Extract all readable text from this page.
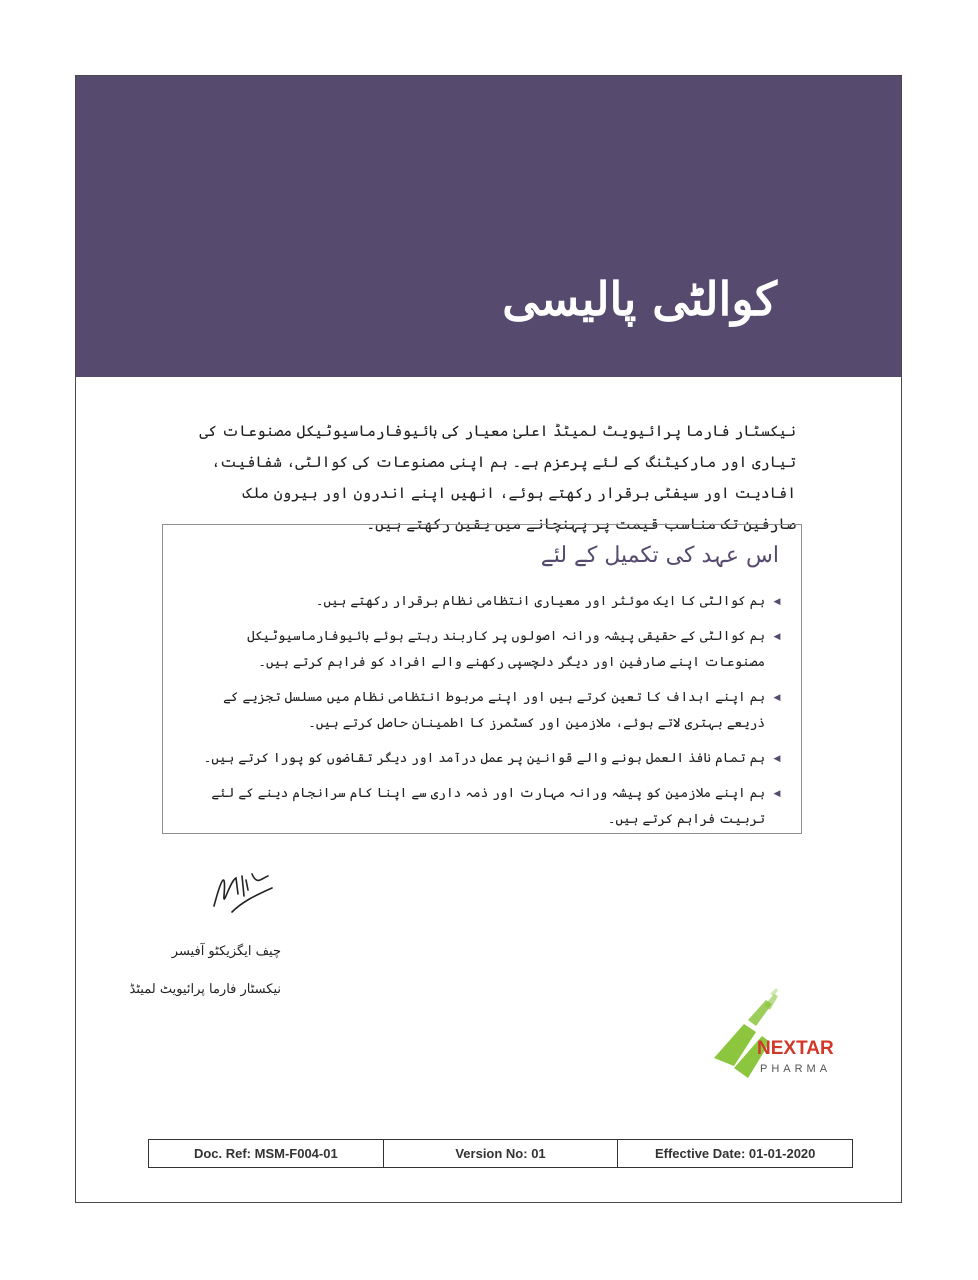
کوالٹی پالیسی
نیکسٹار فارما پرائیویٹ لمیٹڈ اعلیٰ معیار کی بائیوفارماسیوٹیکل مصنوعات کی تیاری اور مارکیٹنگ کے لئے پرعزم ہے۔ ہم اپنی مصنوعات کی کوالٹی، شفافیت، افادیت اور سیفٹی برقرار رکھتے ہوئے، انھیں اپنے اندرون اور بیرونِ ملک صارفین تک مناسب قیمت پر پہنچانے میں یقین رکھتے ہیں۔
اس عہد کی تکمیل کے لئے
◀
ہم کوالٹی کا ایک موئثر اور معیاری انتظامی نظام برقرار رکھتے ہیں۔
◀
ہم کوالٹی کے حقیقی پیشہ ورانہ اصولوں پر کاربند رہتے ہوئے بائیوفارماسیوٹیکل مصنوعات اپنے صارفین اور دیگر دلچسپی رکھنے والے افراد کو فراہم کرتے ہیں۔
◀
ہم اپنے اہداف کا تعین کرتے ہیں اور اپنے مربوط انتظامی نظام میں مسلسل تجزیے کے ذریعے بہتری لاتے ہوئے، ملازمین اور کسٹمرز کا اطمینان حاصل کرتے ہیں۔
◀
ہم تمام نافذ العمل ہونے والے قوانین پر عمل درآمد اور دیگر تقاضوں کو پورا کرتے ہیں۔
◀
ہم اپنے ملازمین کو پیشہ ورانہ مہارت اور ذمہ داری سے اپنا کام سرانجام دینے کے لئے تربیت فراہم کرتے ہیں۔
چیف ایگزیکٹو آفیسر
نیکسٹار فارما پرائیویٹ لمیٹڈ
NEXTAR
PHARMA
Doc. Ref: MSM-F004-01	Version No: 01	Effective Date: 01-01-2020
